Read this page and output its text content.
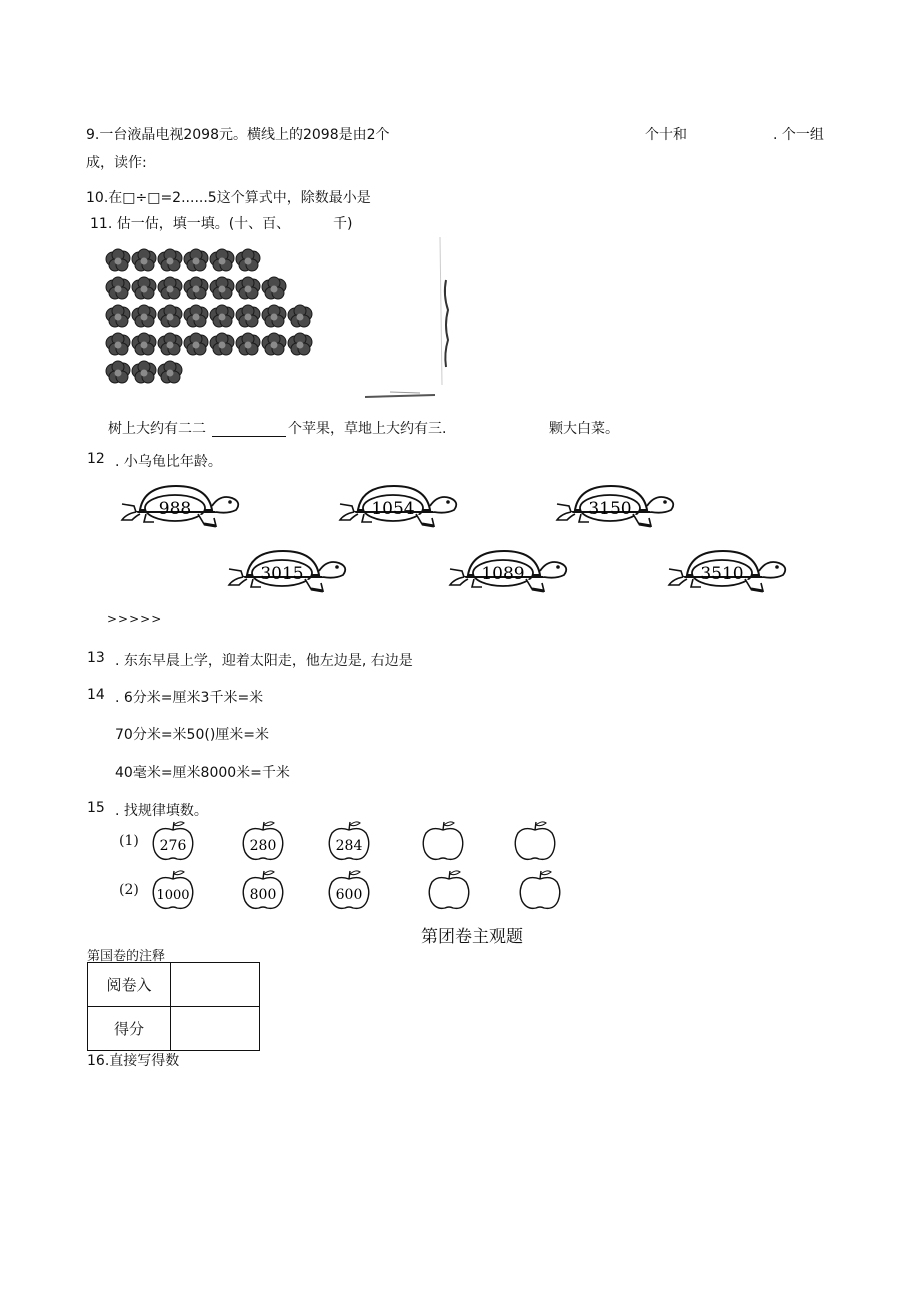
9.一台液晶电视2098元。横线上的2098是由2个	个十和	. 个一组
成，读作:
10.在□÷□=2......5这个算式中，除数最小是
11. 估一估，填一填。(十、百、	千)
树上大约有二二	个苹果，草地上大约有三.	颗大白菜。
12 . 小乌龟比年龄。
988	1054	3150
3015	1089	3510
>>>>>
13 . 东东早晨上学，迎着太阳走，他左边是, 右边是
14 . 6分米=厘米3千米=米
70分米=米50()厘米=米
40毫米=厘米8000米=千米
15 . 找规律填数。
(1)
(2)
276	280	284
1000	800	600
第团卷主观题
第国卷的注释
阅卷入	
得分	
16.直接写得数
